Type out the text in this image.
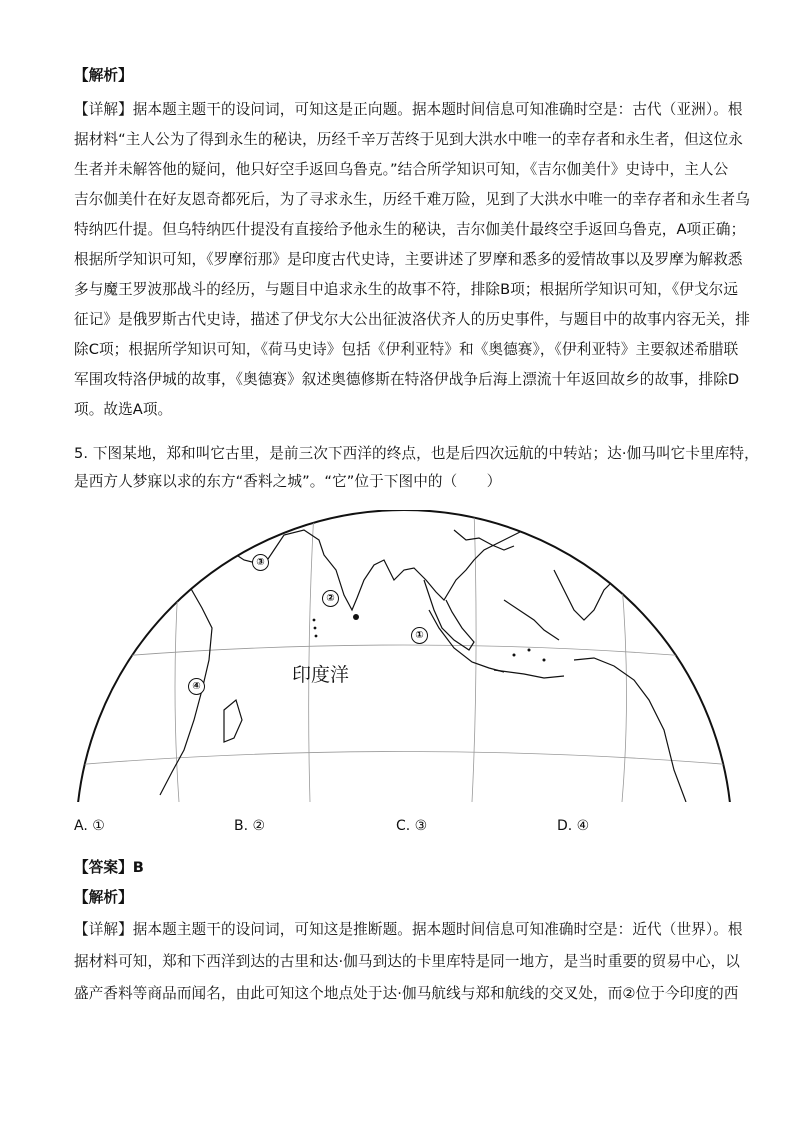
【解析】
【详解】据本题主题干的设问词，可知这是正向题。据本题时间信息可知准确时空是：古代（亚洲）。根
据材料“主人公为了得到永生的秘诀，历经千辛万苦终于见到大洪水中唯一的幸存者和永生者，但这位永
生者并未解答他的疑问，他只好空手返回乌鲁克。”结合所学知识可知，《吉尔伽美什》史诗中，主人公
吉尔伽美什在好友恩奇都死后，为了寻求永生，历经千难万险，见到了大洪水中唯一的幸存者和永生者乌
特纳匹什提。但乌特纳匹什提没有直接给予他永生的秘诀，吉尔伽美什最终空手返回乌鲁克，A项正确；
根据所学知识可知，《罗摩衍那》是印度古代史诗，主要讲述了罗摩和悉多的爱情故事以及罗摩为解救悉
多与魔王罗波那战斗的经历，与题目中追求永生的故事不符，排除B项；根据所学知识可知，《伊戈尔远
征记》是俄罗斯古代史诗，描述了伊戈尔大公出征波洛伏齐人的历史事件，与题目中的故事内容无关，排
除C项；根据所学知识可知，《荷马史诗》包括《伊利亚特》和《奥德赛》，《伊利亚特》主要叙述希腊联
军围攻特洛伊城的故事，《奥德赛》叙述奥德修斯在特洛伊战争后海上漂流十年返回故乡的故事，排除D
项。故选A项。
5. 下图某地，郑和叫它古里，是前三次下西洋的终点，也是后四次远航的中转站；达·伽马叫它卡里库特，
是西方人梦寐以求的东方“香料之城”。“它”位于下图中的（　　）
印度洋
①
②
③
④
A. ①	B. ②	C. ③	D. ④
【答案】B
【解析】
【详解】据本题主题干的设问词，可知这是推断题。据本题时间信息可知准确时空是：近代（世界）。根
据材料可知，郑和下西洋到达的古里和达·伽马到达的卡里库特是同一地方，是当时重要的贸易中心，以
盛产香料等商品而闻名，由此可知这个地点处于达·伽马航线与郑和航线的交叉处，而②位于今印度的西
